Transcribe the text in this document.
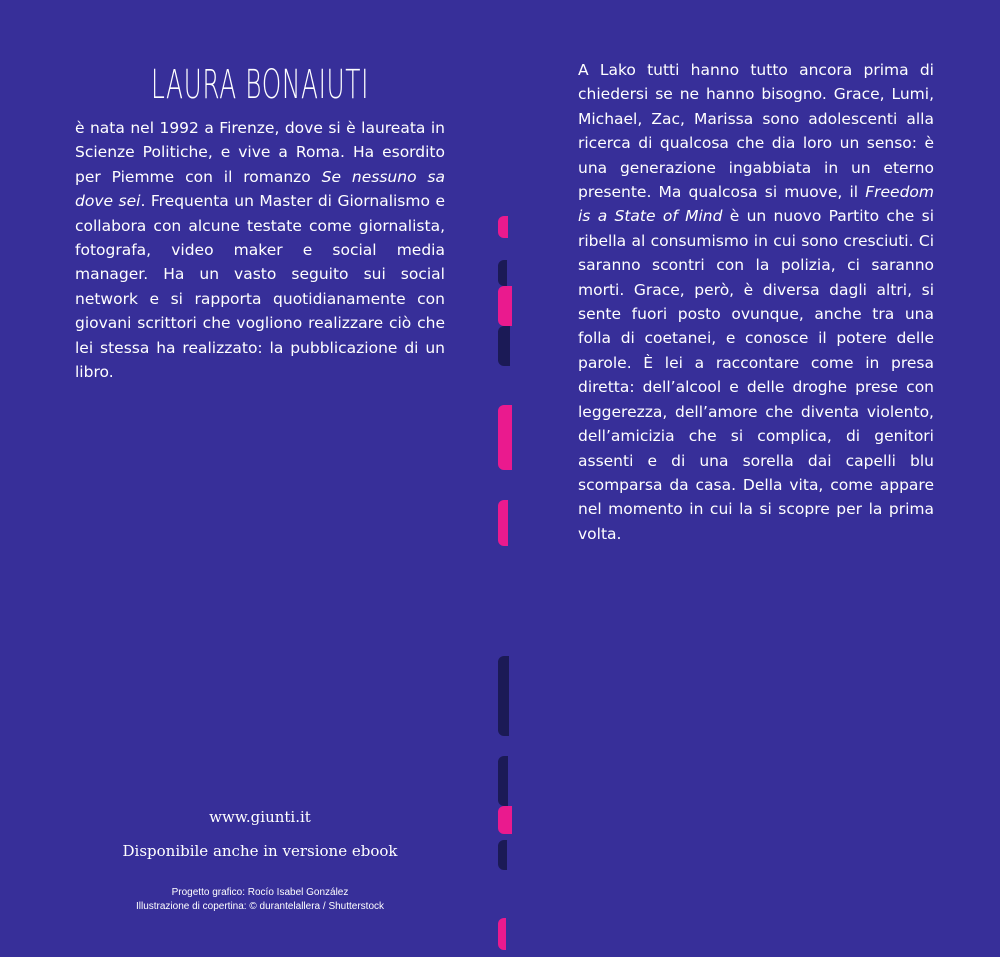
LAURA BONAIUTI

è nata nel 1992 a Firenze, dove si è laureata in Scienze Politiche, e vive a Roma. Ha esordito per Piemme con il romanzo Se nessuno sa dove sei. Frequenta un Master di Giornalismo e collabora con alcune testate come giornalista, fotografa, video maker e social media manager. Ha un vasto seguito sui social network e si rapporta quotidianamente con giovani scrittori che vogliono realizzare ciò che lei stessa ha realizzato: la pubblicazione di un libro.

www.giunti.it
Disponibile anche in versione ebook
Progetto grafico: Rocío Isabel González
Illustrazione di copertina: © durantelallera / Shutterstock

A Lako tutti hanno tutto ancora prima di chiedersi se ne hanno bisogno. Grace, Lumi, Michael, Zac, Marissa sono adolescenti alla ricerca di qualcosa che dia loro un senso: è una generazione ingabbiata in un eterno presente. Ma qualcosa si muove, il Freedom is a State of Mind è un nuovo Partito che si ribella al consumismo in cui sono cresciuti. Ci saranno scontri con la polizia, ci saranno morti. Grace, però, è diversa dagli altri, si sente fuori posto ovunque, anche tra una folla di coetanei, e conosce il potere delle parole. È lei a raccontare come in presa diretta: dell’alcool e delle droghe prese con leggerezza, dell’amore che diventa violento, dell’amicizia che si complica, di genitori assenti e di una sorella dai capelli blu scomparsa da casa. Della vita, come appare nel momento in cui la si scopre per la prima volta.
